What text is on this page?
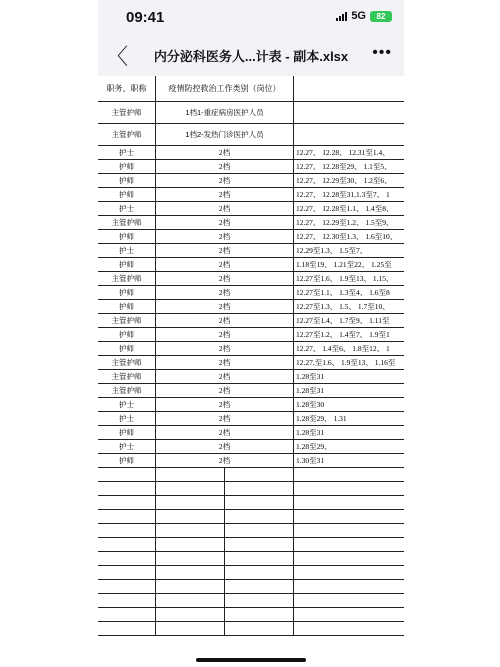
09:41	5G	82
〈	内分泌科医务人...计表 - 副本.xlsx	•••
职务、职称	疫情防控救治工作类别（岗位）
主管护师	1档1-重症病房医护人员
主管护师	1档2-发热门诊医护人员
护士	2档	12.27、 12.28、 12.31至1.4、
护师	2档	12.27、 12.28至29、 1.1至5、
护师	2档	12.27、 12.29至30、 1.2至6、
护师	2档	12.27、 12.28至31,1.3至7、 1
护士	2档	12.27、 12.28至1.1、 1.4至8、
主管护师	2档	12.27、 12.29至1.2、 1.5至9、
护师	2档	12.27、 12.30至1.3、 1.6至10、
护士	2档	12.29至1.3、 1.5至7、
护师	2档	1.18至19、 1.21至22、 1.25至
主管护师	2档	12.27至1.6、 1.9至13、 1.15、
护师	2档	12.27至1.1、 1.3至4、 1.6至8
护师	2档	12.27至1.3、 1.5、 1.7至10、
主管护师	2档	12.27至1.4、 1.7至9、 1.11至
护师	2档	12.27至1.2、 1.4至7、 1.9至1
护师	2档	12.27、 1.4至6、 1.8至12、 1
主管护师	2档	12.27,至1.6、 1.9至13、 1.16至
主管护师	2档	1.28至31
主管护师	2档	1.28至31
护士	2档	1.28至30
护士	2档	1.28至29、 1.31
护师	2档	1.28至31
护士	2档	1.28至29、
护师	2档	1.30至31
